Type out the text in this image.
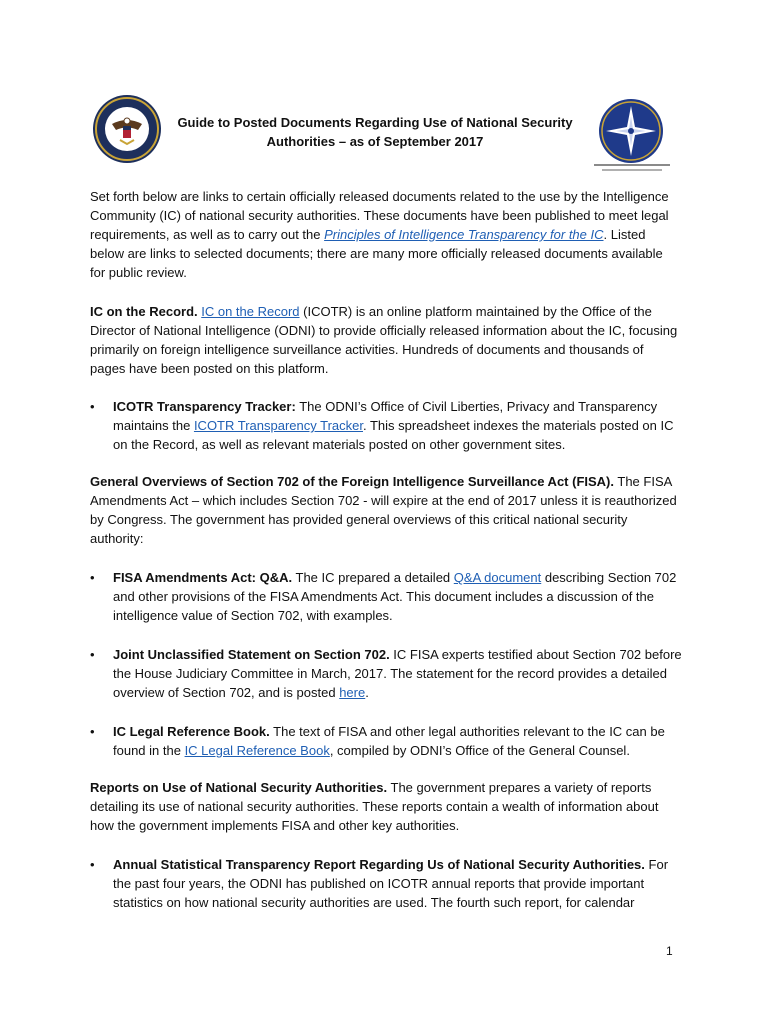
Guide to Posted Documents Regarding Use of National Security
Authorities – as of September 2017
Set forth below are links to certain officially released documents related to the use by the Intelligence Community (IC) of national security authorities. These documents have been published to meet legal requirements, as well as to carry out the Principles of Intelligence Transparency for the IC. Listed below are links to selected documents; there are many more officially released documents available for public review.
IC on the Record. IC on the Record (ICOTR) is an online platform maintained by the Office of the Director of National Intelligence (ODNI) to provide officially released information about the IC, focusing primarily on foreign intelligence surveillance activities. Hundreds of documents and thousands of pages have been posted on this platform.
•	ICOTR Transparency Tracker: The ODNI’s Office of Civil Liberties, Privacy and Transparency maintains the ICOTR Transparency Tracker. This spreadsheet indexes the materials posted on IC on the Record, as well as relevant materials posted on other government sites.
General Overviews of Section 702 of the Foreign Intelligence Surveillance Act (FISA). The FISA Amendments Act – which includes Section 702 - will expire at the end of 2017 unless it is reauthorized by Congress. The government has provided general overviews of this critical national security authority:
•	FISA Amendments Act: Q&A. The IC prepared a detailed Q&A document describing Section 702 and other provisions of the FISA Amendments Act. This document includes a discussion of the intelligence value of Section 702, with examples.
•	Joint Unclassified Statement on Section 702. IC FISA experts testified about Section 702 before the House Judiciary Committee in March, 2017. The statement for the record provides a detailed overview of Section 702, and is posted here.
•	IC Legal Reference Book. The text of FISA and other legal authorities relevant to the IC can be found in the IC Legal Reference Book, compiled by ODNI’s Office of the General Counsel.
Reports on Use of National Security Authorities. The government prepares a variety of reports detailing its use of national security authorities. These reports contain a wealth of information about how the government implements FISA and other key authorities.
•	Annual Statistical Transparency Report Regarding Us of National Security Authorities. For the past four years, the ODNI has published on ICOTR annual reports that provide important statistics on how national security authorities are used. The fourth such report, for calendar
1
